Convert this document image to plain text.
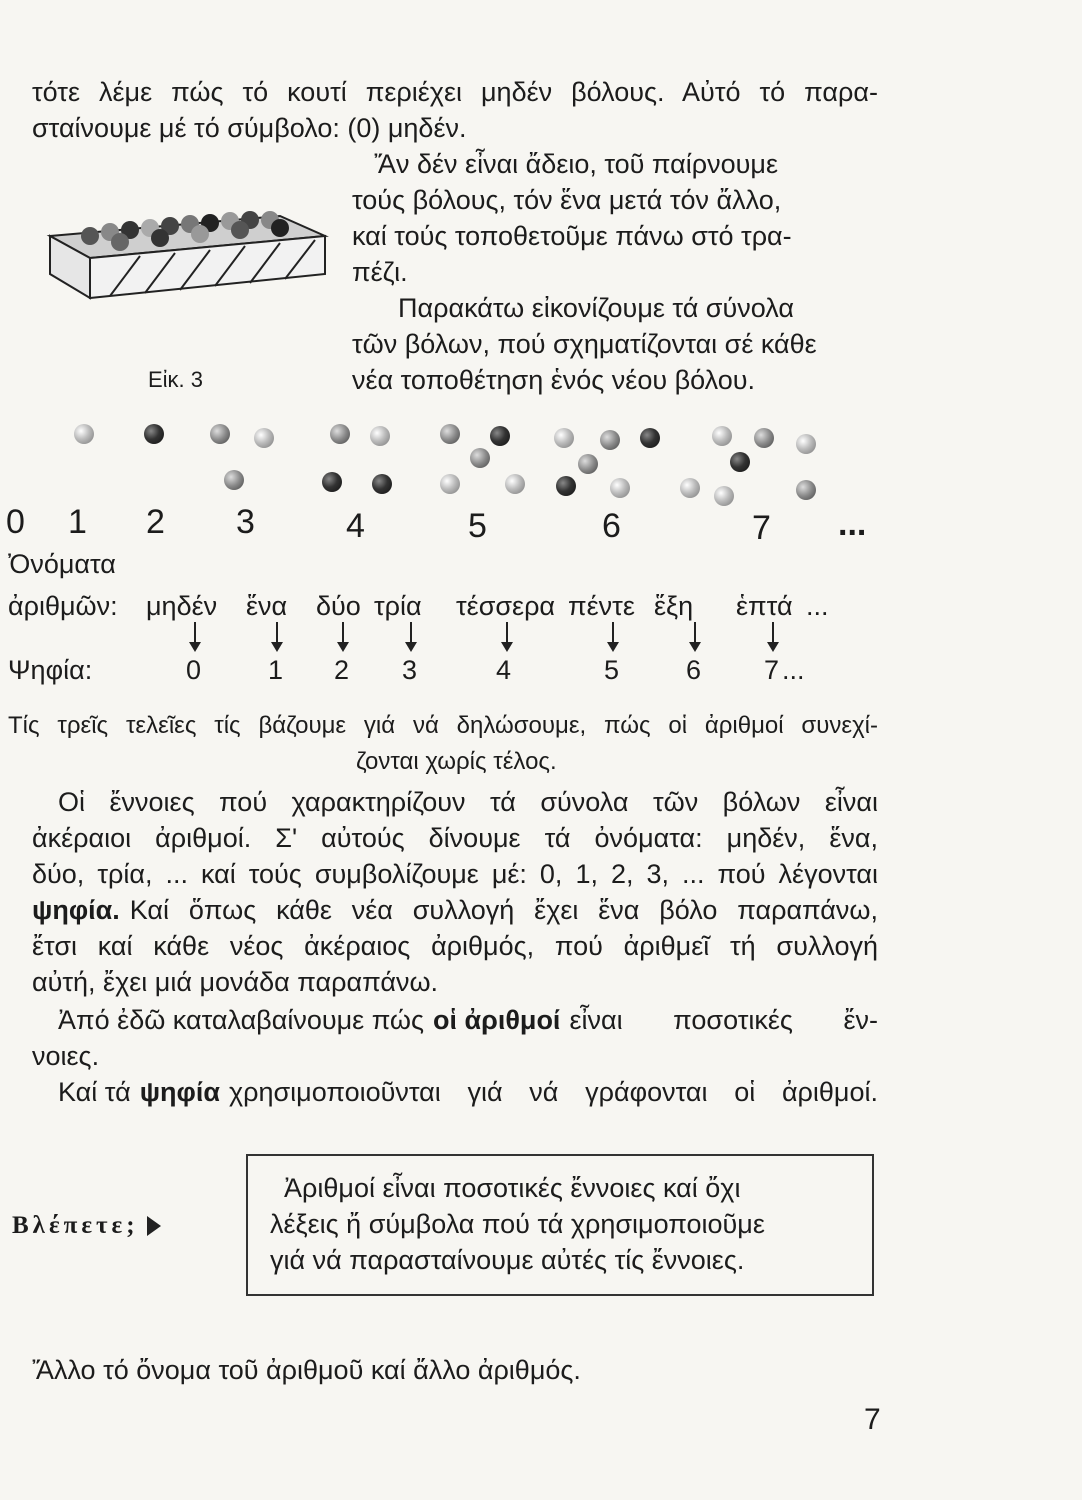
τότε λέμε πώς τό κουτί περιέχει μηδέν βόλους. Αὐτό τό παρα-
σταίνουμε μέ τό σύμβολο: (0) μηδέν.
Ἄν δέν εἶναι ἄδειο, τοῦ παίρνουμε
τούς βόλους, τόν ἕνα μετά τόν ἄλλο,
καί τούς τοποθετοῦμε πάνω στό τρα-
πέζι.
Παρακάτω εἰκονίζουμε τά σύνολα
τῶν βόλων, πού σχηματίζονται σέ κάθε
νέα τοποθέτηση ἑνός νέου βόλου.
Εἰκ. 3
0 1 2 3	4	5	6	7 ...
Ὀνόματα
ἀριθμῶν: μηδέν ἕνα δύο τρία τέσσερα πέντε ἕξη ἑπτά ...
Ψηφία:	0 1 2 3	4	5 6 7 ...
Τίς τρεῖς τελεῖες τίς βάζουμε γιά νά δηλώσουμε, πώς οἱ ἀριθμοί συνεχί-
ζονται χωρίς τέλος.
Οἱ ἔννοιες πού χαρακτηρίζουν τά σύνολα τῶν βόλων εἶναι
ἀκέραιοι ἀριθμοί. Σ' αὐτούς δίνουμε τά ὀνόματα: μηδέν, ἕνα,
δύο, τρία, ... καί τούς συμβολίζουμε μέ: 0, 1, 2, 3, ... πού λέγονται
ψηφία. Καί ὅπως κάθε νέα συλλογή ἔχει ἕνα βόλο παραπάνω,
ἔτσι καί κάθε νέος ἀκέραιος ἀριθμός, πού ἀριθμεῖ τή συλλογή
αὐτή, ἔχει μιά μονάδα παραπάνω.
Ἀπό ἐδῶ καταλαβαίνουμε πώς οἱ ἀριθμοί εἶναι ποσοτικές ἔν-
νοιες.
Καί τά ψηφία χρησιμοποιοῦνται γιά νά γράφονται οἱ ἀριθμοί.
Βλέπετε;
Ἀριθμοί εἶναι ποσοτικές ἔννοιες καί ὄχι
λέξεις ἤ σύμβολα πού τά χρησιμοποιοῦμε
γιά νά παρασταίνουμε αὐτές τίς ἔννοιες.
Ἄλλο τό ὄνομα τοῦ ἀριθμοῦ καί ἄλλο ἀριθμός.
7
